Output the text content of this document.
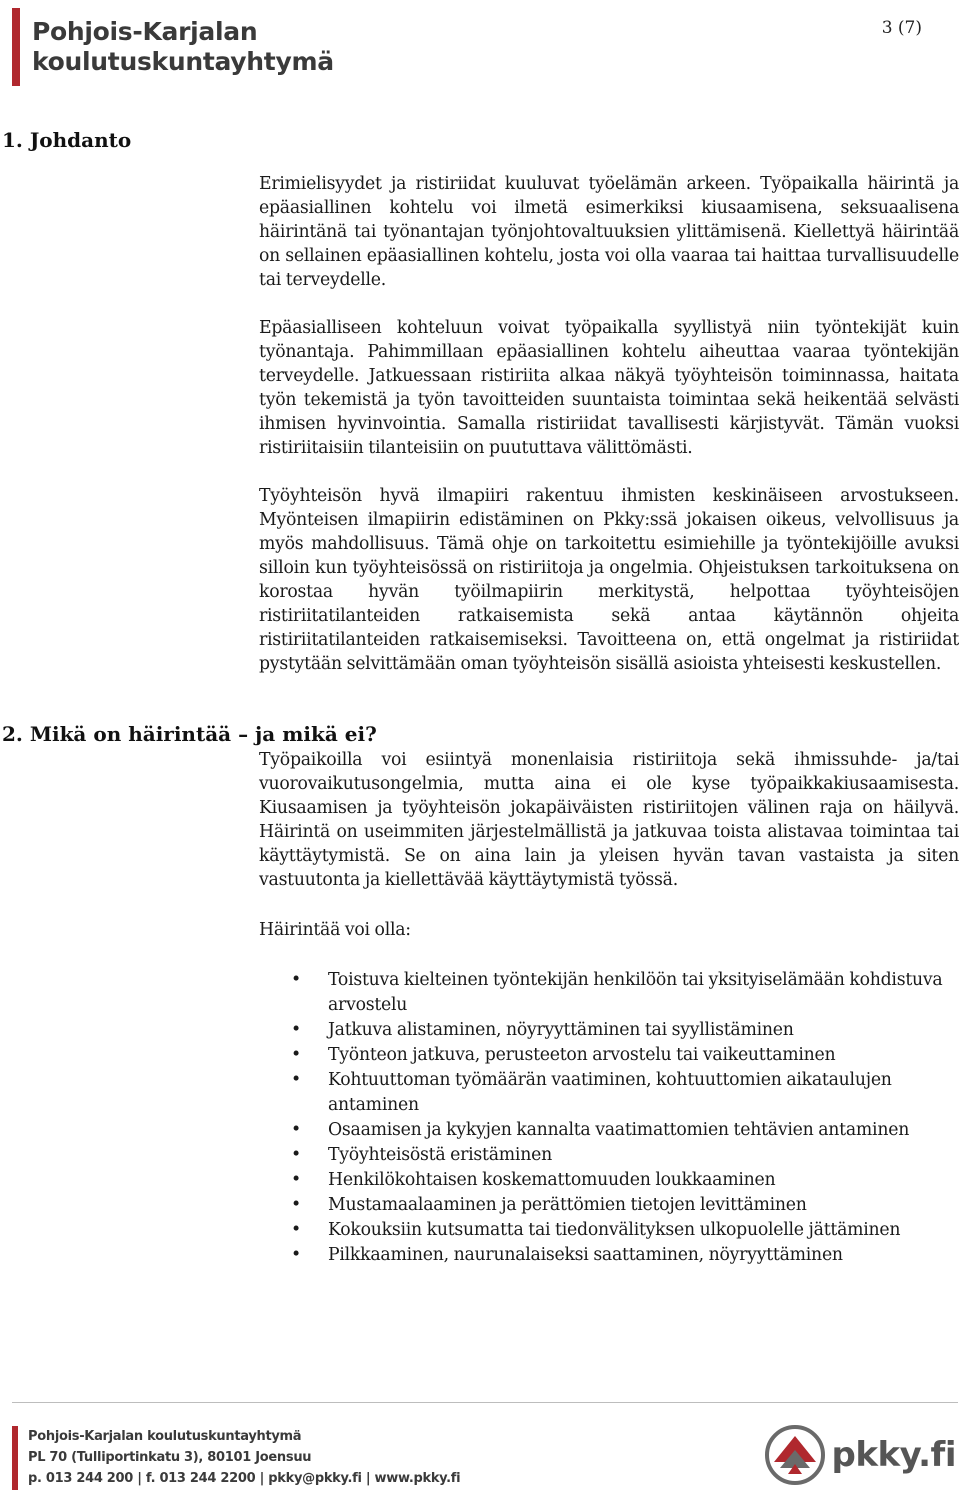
Pohjois-Karjalan
koulutuskuntayhtymä
3 (7)
1. Johdanto
2. Mikä on häirintää – ja mikä ei?

Erimielisyydet ja ristiriidat kuuluvat työelämän arkeen. Työpaikalla häirintä ja epäasiallinen kohtelu voi ilmetä esimerkiksi kiusaamisena, seksuaalisena häirintänä tai työnantajan työnjohtovaltuuksien ylittämisenä. Kiellettyä häirintää on sellainen epäasiallinen kohtelu, josta voi olla vaaraa tai haittaa turvallisuudelle tai terveydelle.

Epäasialliseen kohteluun voivat työpaikalla syyllistyä niin työntekijät kuin työnantaja. Pahimmillaan epäasiallinen kohtelu aiheuttaa vaaraa työntekijän terveydelle. Jatkuessaan ristiriita alkaa näkyä työyhteisön toiminnassa, haitata työn tekemistä ja työn tavoitteiden suuntaista toimintaa sekä heikentää selvästi ihmisen hyvinvointia. Samalla ristiriidat tavallisesti kärjistyvät. Tämän vuoksi ristiriitaisiin tilanteisiin on puututtava välittömästi.

Työyhteisön hyvä ilmapiiri rakentuu ihmisten keskinäiseen arvostukseen. Myönteisen ilmapiirin edistäminen on Pkky:ssä jokaisen oikeus, velvollisuus ja myös mahdollisuus. Tämä ohje on tarkoitettu esimiehille ja työntekijöille avuksi silloin kun työyhteisössä on ristiriitoja ja ongelmia. Ohjeistuksen tarkoituksena on korostaa hyvän työilmapiirin merkitystä, helpottaa työyhteisöjen ristiriitatilanteiden ratkaisemista sekä antaa käytännön ohjeita ristiriitatilanteiden ratkaisemiseksi. Tavoitteena on, että ongelmat ja ristiriidat pystytään selvittämään oman työyhteisön sisällä asioista yhteisesti keskustellen.

Työpaikoilla voi esiintyä monenlaisia ristiriitoja sekä ihmissuhde- ja/tai vuorovaikutusongelmia, mutta aina ei ole kyse työpaikkakiusaamisesta. Kiusaamisen ja työyhteisön jokapäiväisten ristiriitojen välinen raja on häilyvä. Häirintä on useimmiten järjestelmällistä ja jatkuvaa toista alistavaa toimintaa tai käyttäytymistä. Se on aina lain ja yleisen hyvän tavan vastaista ja siten vastuutonta ja kiellettävää käyttäytymistä työssä.

Häirintää voi olla:

• Toistuva kielteinen työntekijän henkilöön tai yksityiselämään kohdistuva arvostelu
• Jatkuva alistaminen, nöyryyttäminen tai syyllistäminen
• Työnteon jatkuva, perusteeton arvostelu tai vaikeuttaminen
• Kohtuuttoman työmäärän vaatiminen, kohtuuttomien aikataulujen antaminen
• Osaamisen ja kykyjen kannalta vaatimattomien tehtävien antaminen
• Työyhteisöstä eristäminen
• Henkilökohtaisen koskemattomuuden loukkaaminen
• Mustamaalaaminen ja perättömien tietojen levittäminen
• Kokouksiin kutsumatta tai tiedonvälityksen ulkopuolelle jättäminen
• Pilkkaaminen, naurunalaiseksi saattaminen, nöyryyttäminen
Pohjois-Karjalan koulutuskuntayhtymä
PL 70 (Tulliportinkatu 3), 80101 Joensuu
p. 013 244 200 | f. 013 244 2200 | pkky@pkky.fi | www.pkky.fi
pkky.fi
